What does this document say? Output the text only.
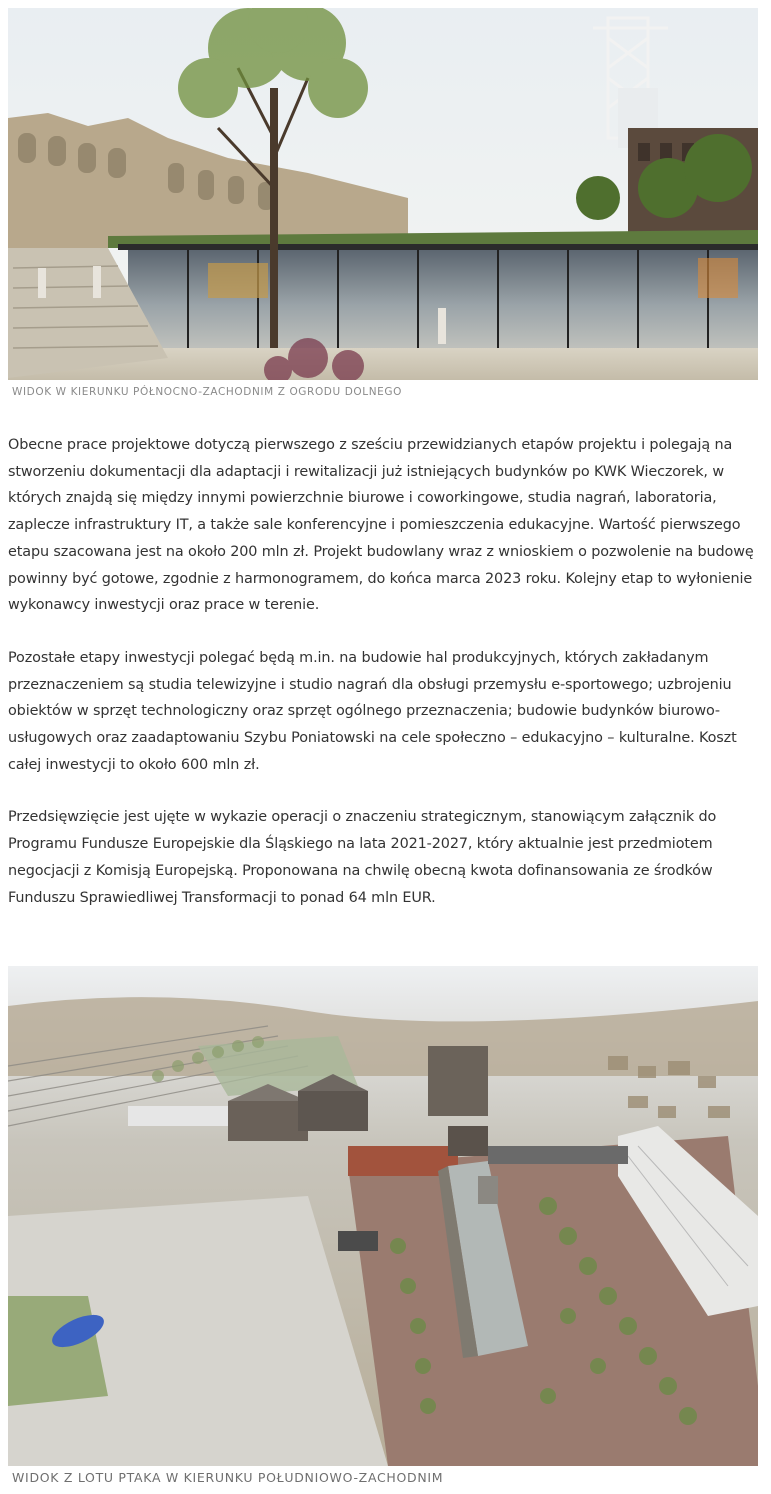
WIDOK W KIERUNKU PÓŁNOCNO-ZACHODNIM Z OGRODU DOLNEGO

Obecne prace projektowe dotyczą pierwszego z sześciu przewidzianych etapów projektu i polegają na stworzeniu dokumentacji dla adaptacji i rewitalizacji już istniejących budynków po KWK Wieczorek, w których znajdą się między innymi powierzchnie biurowe i coworkingowe, studia nagrań, laboratoria, zaplecze infrastruktury IT, a także sale konferencyjne i pomieszczenia edukacyjne. Wartość pierwszego etapu szacowana jest na około 200 mln zł. Projekt budowlany wraz z wnioskiem o pozwolenie na budowę powinny być gotowe, zgodnie z harmonogramem, do końca marca 2023 roku. Kolejny etap to wyłonienie wykonawcy inwestycji oraz prace w terenie.

Pozostałe etapy inwestycji polegać będą m.in. na budowie hal produkcyjnych, których zakładanym przeznaczeniem są studia telewizyjne i studio nagrań dla obsługi przemysłu e-sportowego; uzbrojeniu obiektów w sprzęt technologiczny oraz sprzęt ogólnego przeznaczenia; budowie budynków biurowo-usługowych oraz zaadaptowaniu Szybu Poniatowski na cele społeczno – edukacyjno – kulturalne. Koszt całej inwestycji to około 600 mln zł.

Przedsięwzięcie jest ujęte w wykazie operacji o znaczeniu strategicznym, stanowiącym załącznik do Programu Fundusze Europejskie dla Śląskiego na lata 2021-2027, który aktualnie jest przedmiotem negocjacji z Komisją Europejską. Proponowana na chwilę obecną kwota dofinansowania ze środków Funduszu Sprawiedliwej Transformacji to ponad 64 mln EUR.

WIDOK Z LOTU PTAKA W KIERUNKU POŁUDNIOWO-ZACHODNIM
